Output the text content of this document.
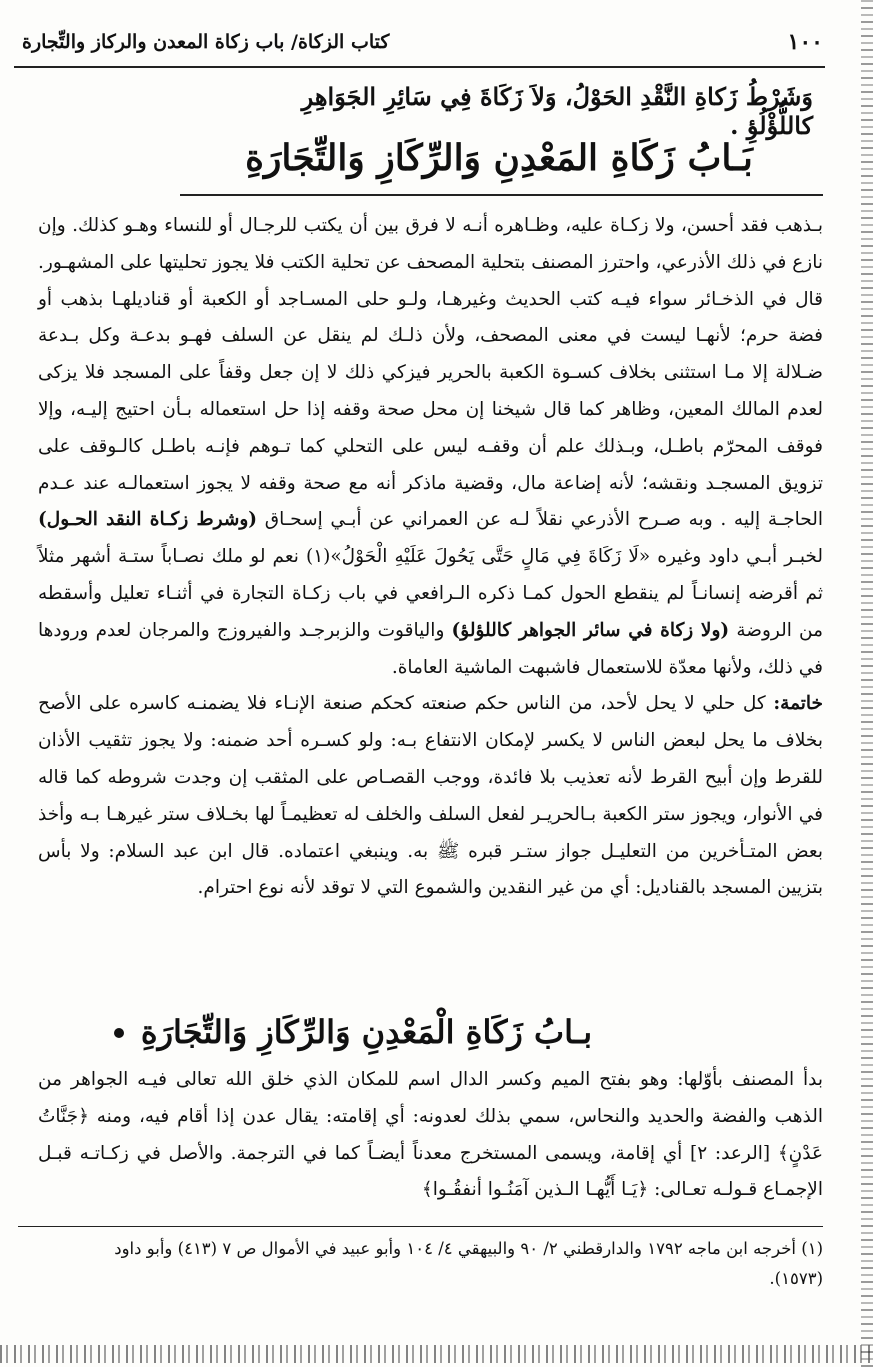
١٠٠
كتاب الزكاة/ باب زكاة المعدن والركاز والتِّجارة
وَشَرْطُ زَكاةِ النَّقْدِ الحَوْلُ، وَلاَ زَكَاةَ فِي سَائِرِ الجَوَاهِرِ كاللُّؤْلُؤِ .
بَـابُ زَكَاةِ المَعْدِنِ وَالرِّكَازِ وَالتِّجَارَةِ

بـذهب فقد أحسن، ولا زكـاة عليه، وظـاهره أنـه لا فرق بين أن يكتب للرجـال أو للنساء وهـو كذلك. وإن نازع في ذلك الأذرعي، واحترز المصنف بتحلية المصحف عن تحلية الكتب فلا يجوز تحليتها على المشهـور. قال في الذخـائر سواء فيـه كتب الحديث وغيرهـا، ولـو حلى المسـاجد أو الكعبة أو قناديلهـا بذهب أو فضة حرم؛ لأنهـا ليست في معنى المصحف، ولأن ذلـك لم ينقل عن السلف فهـو بدعـة وكل بـدعة ضـلالة إلا مـا استثنى بخلاف كسـوة الكعبة بالحرير فيزكي ذلك لا إن جعل وقفاً على المسجد فلا يزكى لعدم المالك المعين، وظاهر كما قال شيخنا إن محل صحة وقفه إذا حل استعماله بـأن احتيج إليـه، وإلا فوقف المحرّم باطـل، وبـذلك علم أن وقفـه ليس على التحلي كما تـوهم فإنـه باطـل كالـوقف على تزويق المسجـد ونقشه؛ لأنه إضاعة مال، وقضية ماذكر أنه مع صحة وقفه لا يجوز استعمالـه عند عـدم الحاجـة إليه . وبه صـرح الأذرعي نقلاً لـه عن العمراني عن أبـي إسحـاق (وشرط زكـاة النقد الحـول) لخبـر أبـي داود وغيره «لَا زَكَاةَ فِي مَالٍ حَتَّى يَحُولَ عَلَيْهِ الْحَوْلُ»(١) نعم لو ملك نصـاباً ستـة أشهر مثلاً ثم أقرضه إنسانـاً لم ينقطع الحول كمـا ذكره الـرافعي في باب زكـاة التجارة في أثنـاء تعليل وأسقطه من الروضة (ولا زكاة في سائر الجواهر كاللؤلؤ) والياقوت والزبرجـد والفيروزج والمرجان لعدم ورودها في ذلك، ولأنها معدّة للاستعمال فاشبهت الماشية العاماة.

خاتمة: كل حلي لا يحل لأحد، من الناس حكم صنعته كحكم صنعة الإنـاء فلا يضمنـه كاسره على الأصح بخلاف ما يحل لبعض الناس لا يكسر لإمكان الانتفاع بـه: ولو كسـره أحد ضمنه: ولا يجوز تثقيب الأذان للقرط وإن أبيح القرط لأنه تعذيب بلا فائدة، ووجب القصـاص على المثقب إن وجدت شروطه كما قاله في الأنوار، ويجوز ستر الكعبة بـالحريـر لفعل السلف والخلف له تعظيمـاً لها بخـلاف ستر غيرهـا بـه وأخذ بعض المتـأخرين من التعليـل جواز ستـر قبره ﷺ به. وينبغي اعتماده. قال ابن عبد السلام: ولا بأس بتزيين المسجد بالقناديل: أي من غير النقدين والشموع التي لا توقد لأنه نوع احترام.

بـابُ زَكَاةِ الْمَعْدِنِ وَالرِّكَازِ وَالتِّجَارَةِ

بدأ المصنف بأوّلها: وهو بفتح الميم وكسر الدال اسم للمكان الذي خلق الله تعالى فيـه الجواهر من الذهب والفضة والحديد والنحاس، سمي بذلك لعدونه: أي إقامته: يقال عدن إذا أقام فيه، ومنه ﴿جَنَّاتُ عَدْنٍ﴾ [الرعد: ٢] أي إقامة، ويسمى المستخرج معدناً أيضـاً كما في الترجمة. والأصل في زكـاتـه قبـل الإجمـاع قـولـه تعـالى: ﴿يَـا أَيُّهـا الـذين آمَنُـوا أنفقُـوا﴾

(١) أخرجه ابن ماجه ١٧٩٢ والدارقطني ٢/ ٩٠ والبيهقي ٤/ ١٠٤ وأبو عبيد في الأموال ص ٧ (٤١٣) وأبو داود

(١٥٧٣).
